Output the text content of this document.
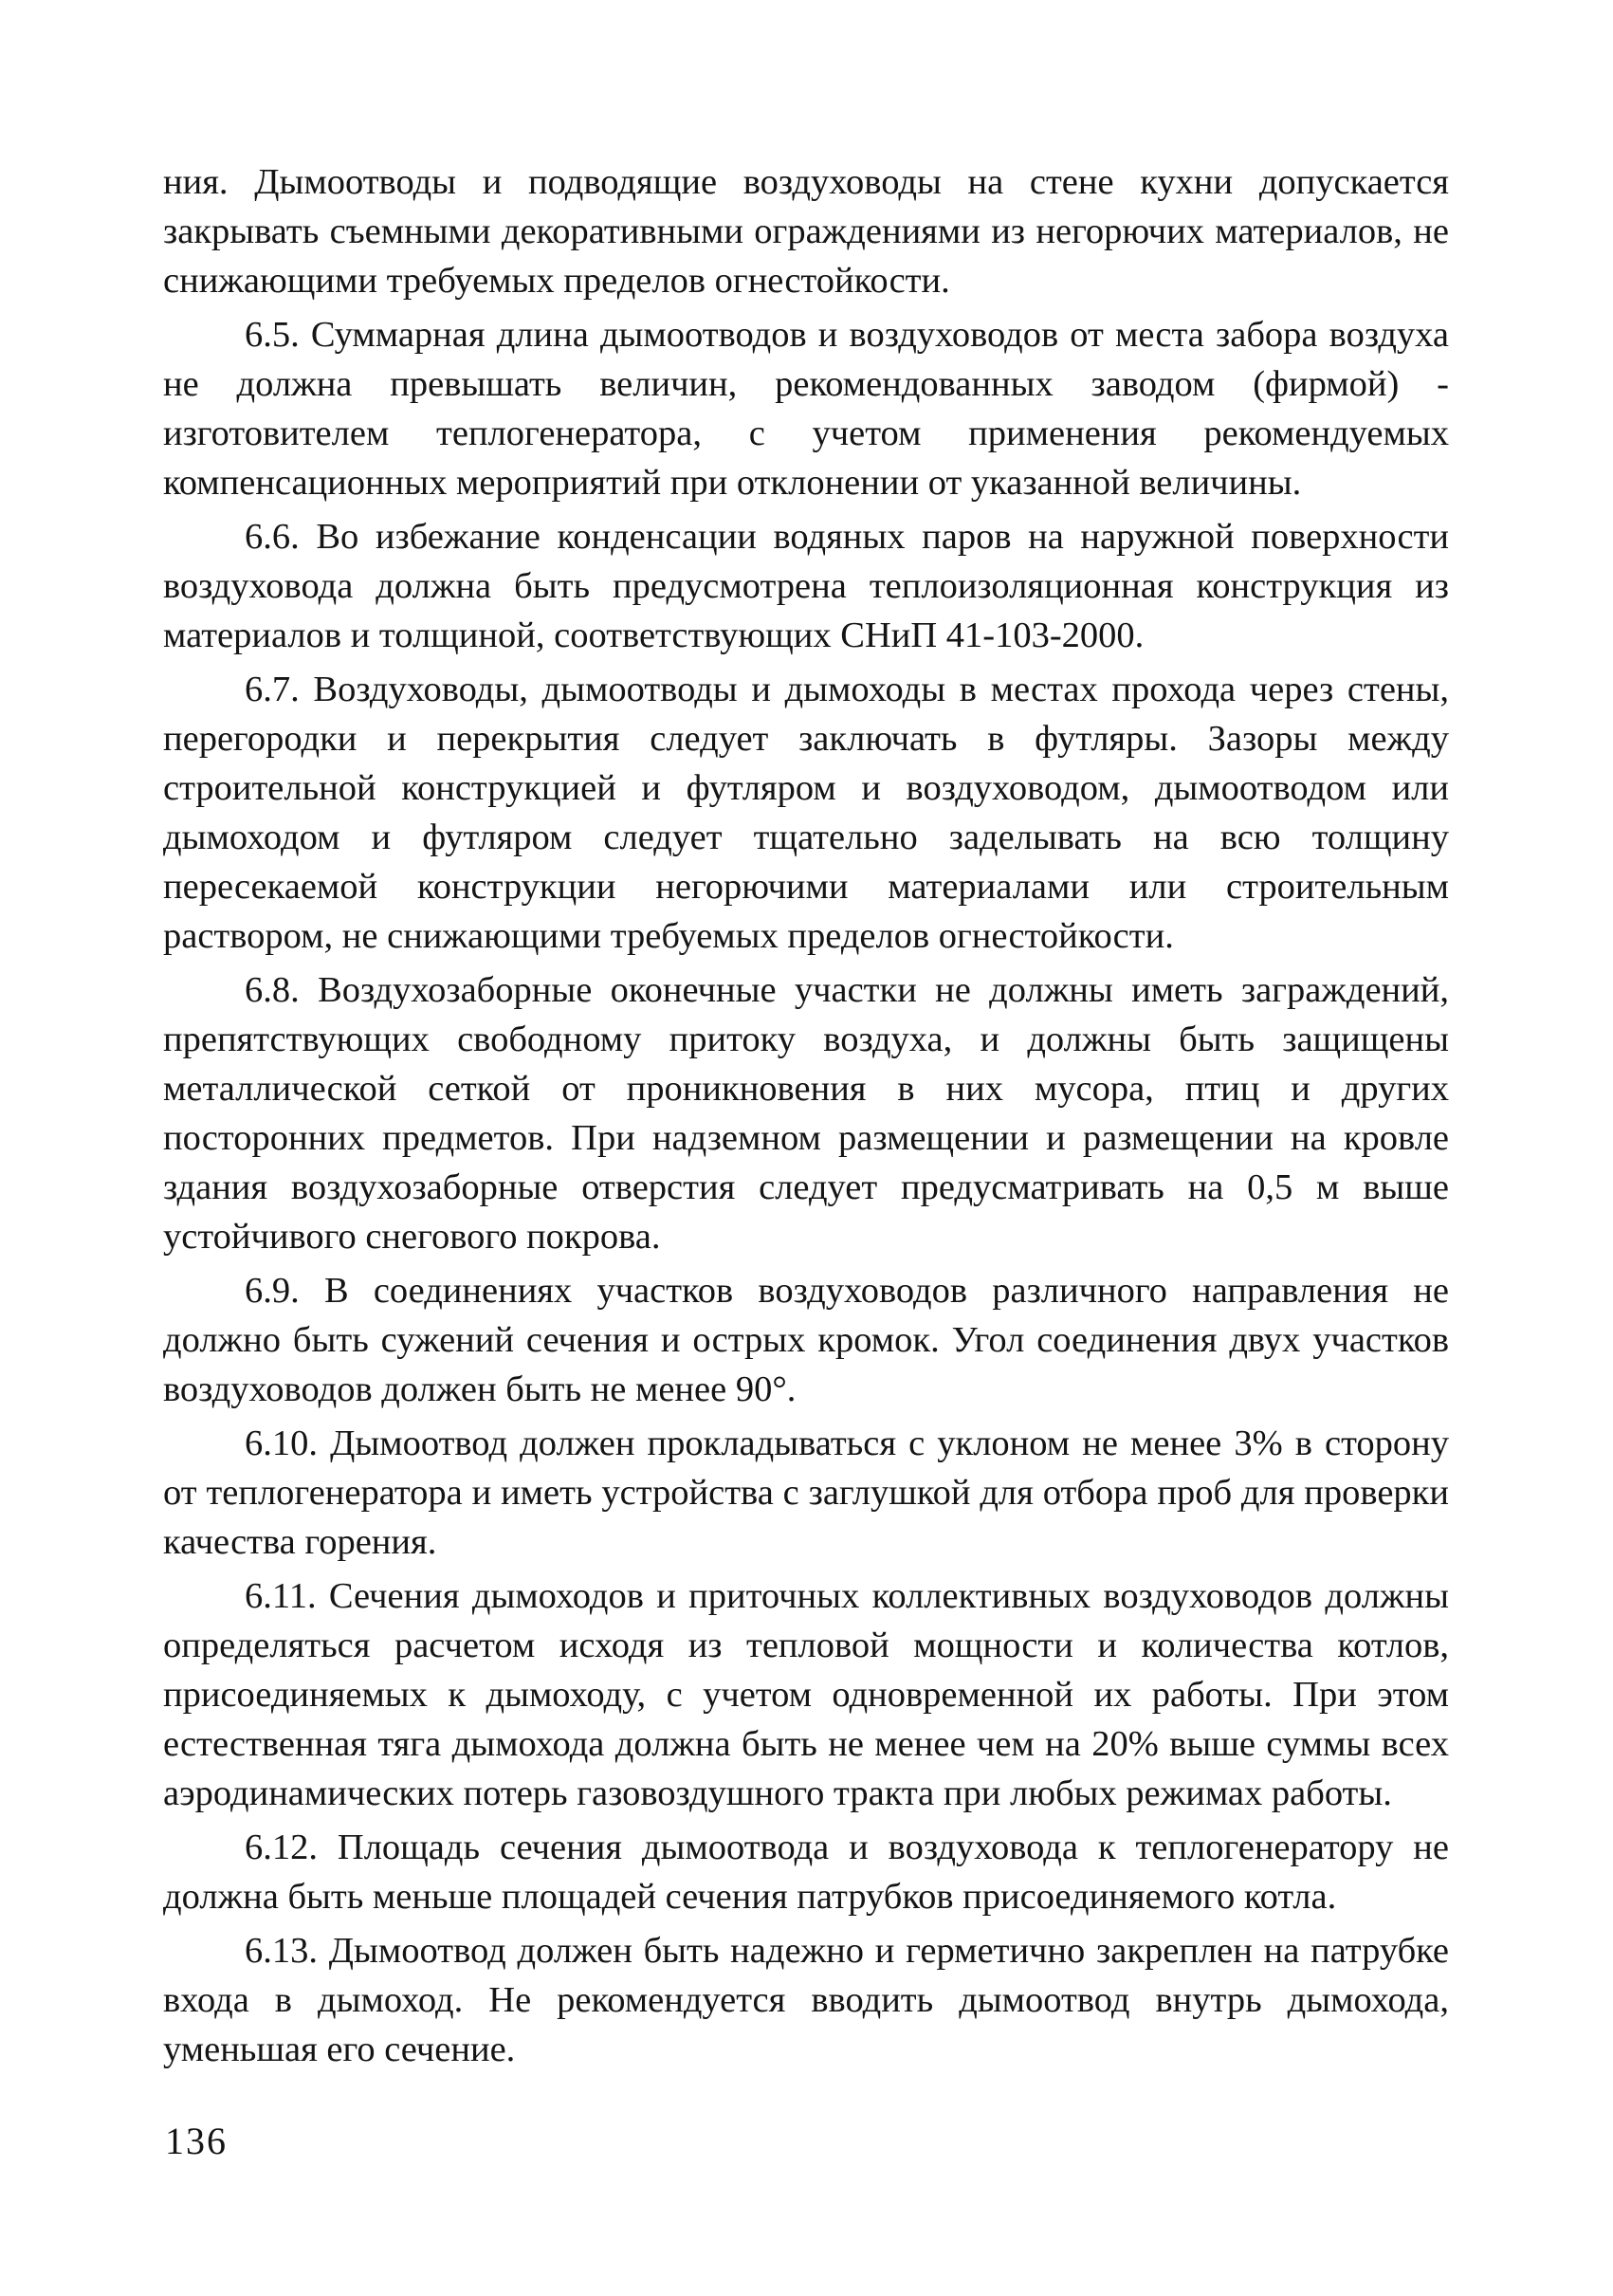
ния. Дымоотводы и подводящие воздуховоды на стене кухни допускается закрывать съемными декоративными ограждениями из негорючих материалов, не снижающими требуемых пределов огнестойкости.

6.5. Суммарная длина дымоотводов и воздуховодов от места забора воздуха не должна превышать величин, рекомендованных заводом (фирмой) - изготовителем теплогенератора, с учетом применения рекомендуемых компенсационных мероприятий при отклонении от указанной величины.

6.6. Во избежание конденсации водяных паров на наружной поверхности воздуховода должна быть предусмотрена теплоизоляционная конструкция из материалов и толщиной, соответствующих СНиП 41-103-2000.

6.7. Воздуховоды, дымоотводы и дымоходы в местах прохода через стены, перегородки и перекрытия следует заключать в футляры. Зазоры между строительной конструкцией и футляром и воздуховодом, дымоотводом или дымоходом и футляром следует тщательно заделывать на всю толщину пересекаемой конструкции негорючими материалами или строительным раствором, не снижающими требуемых пределов огнестойкости.

6.8. Воздухозаборные оконечные участки не должны иметь заграждений, препятствующих свободному притоку воздуха, и должны быть защищены металлической сеткой от проникновения в них мусора, птиц и других посторонних предметов. При надземном размещении и размещении на кровле здания воздухозаборные отверстия следует предусматривать на 0,5 м выше устойчивого снегового покрова.

6.9. В соединениях участков воздуховодов различного направления не должно быть сужений сечения и острых кромок. Угол соединения двух участков воздуховодов должен быть не менее 90°.

6.10. Дымоотвод должен прокладываться с уклоном не менее 3% в сторону от теплогенератора и иметь устройства с заглушкой для отбора проб для проверки качества горения.

6.11. Сечения дымоходов и приточных коллективных воздуховодов должны определяться расчетом исходя из тепловой мощности и количества котлов, присоединяемых к дымоходу, с учетом одновременной их работы. При этом естественная тяга дымохода должна быть не менее чем на 20% выше суммы всех аэродинамических потерь газовоздушного тракта при любых режимах работы.

6.12. Площадь сечения дымоотвода и воздуховода к теплогенератору не должна быть меньше площадей сечения патрубков присоединяемого котла.

6.13. Дымоотвод должен быть надежно и герметично закреплен на патрубке входа в дымоход. Не рекомендуется вводить дымоотвод внутрь дымохода, уменьшая его сечение.

136
